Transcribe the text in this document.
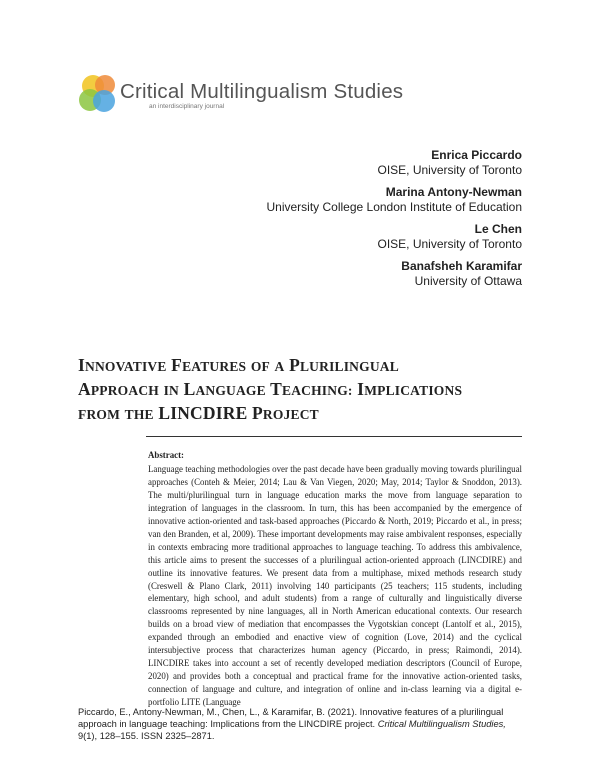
Critical Multilingualism Studies
an interdisciplinary journal
Enrica Piccardo
OISE, University of Toronto
Marina Antony-Newman
University College London Institute of Education
Le Chen
OISE, University of Toronto
Banafsheh Karamifar
University of Ottawa
INNOVATIVE FEATURES OF A PLURILINGUAL
APPROACH IN LANGUAGE TEACHING: IMPLICATIONS
FROM THE LINCDIRE PROJECT
Abstract:

Language teaching methodologies over the past decade have been gradually moving towards plurilingual approaches (Conteh & Meier, 2014; Lau & Van Viegen, 2020; May, 2014; Taylor & Snoddon, 2013). The multi/plurilingual turn in language education marks the move from language separation to integration of languages in the classroom. In turn, this has been accompanied by the emergence of innovative action-oriented and task-based approaches (Piccardo & North, 2019; Piccardo et al., in press; van den Branden, et al, 2009). These important developments may raise ambivalent responses, especially in contexts embracing more traditional approaches to language teaching. To address this ambivalence, this article aims to present the successes of a plurilingual action-oriented approach (LINCDIRE) and outline its innovative features. We present data from a multiphase, mixed methods research study (Creswell & Plano Clark, 2011) involving 140 participants (25 teachers; 115 students, including elementary, high school, and adult students) from a range of culturally and linguistically diverse classrooms represented by nine languages, all in North American educational contexts. Our research builds on a broad view of mediation that encompasses the Vygotskian concept (Lantolf et al., 2015), expanded through an embodied and enactive view of cognition (Love, 2014) and the cyclical intersubjective process that characterizes human agency (Piccardo, in press; Raimondi, 2014). LINCDIRE takes into account a set of recently developed mediation descriptors (Council of Europe, 2020) and provides both a conceptual and practical frame for the innovative action-oriented tasks, connection of language and culture, and integration of online and in-class learning via a digital e-portfolio LITE (Language

Piccardo, E., Antony-Newman, M., Chen, L., & Karamifar, B. (2021). Innovative features of a plurilingual approach in language teaching: Implications from the LINCDIRE project. Critical Multilingualism Studies, 9(1), 128–155. ISSN 2325–2871.
